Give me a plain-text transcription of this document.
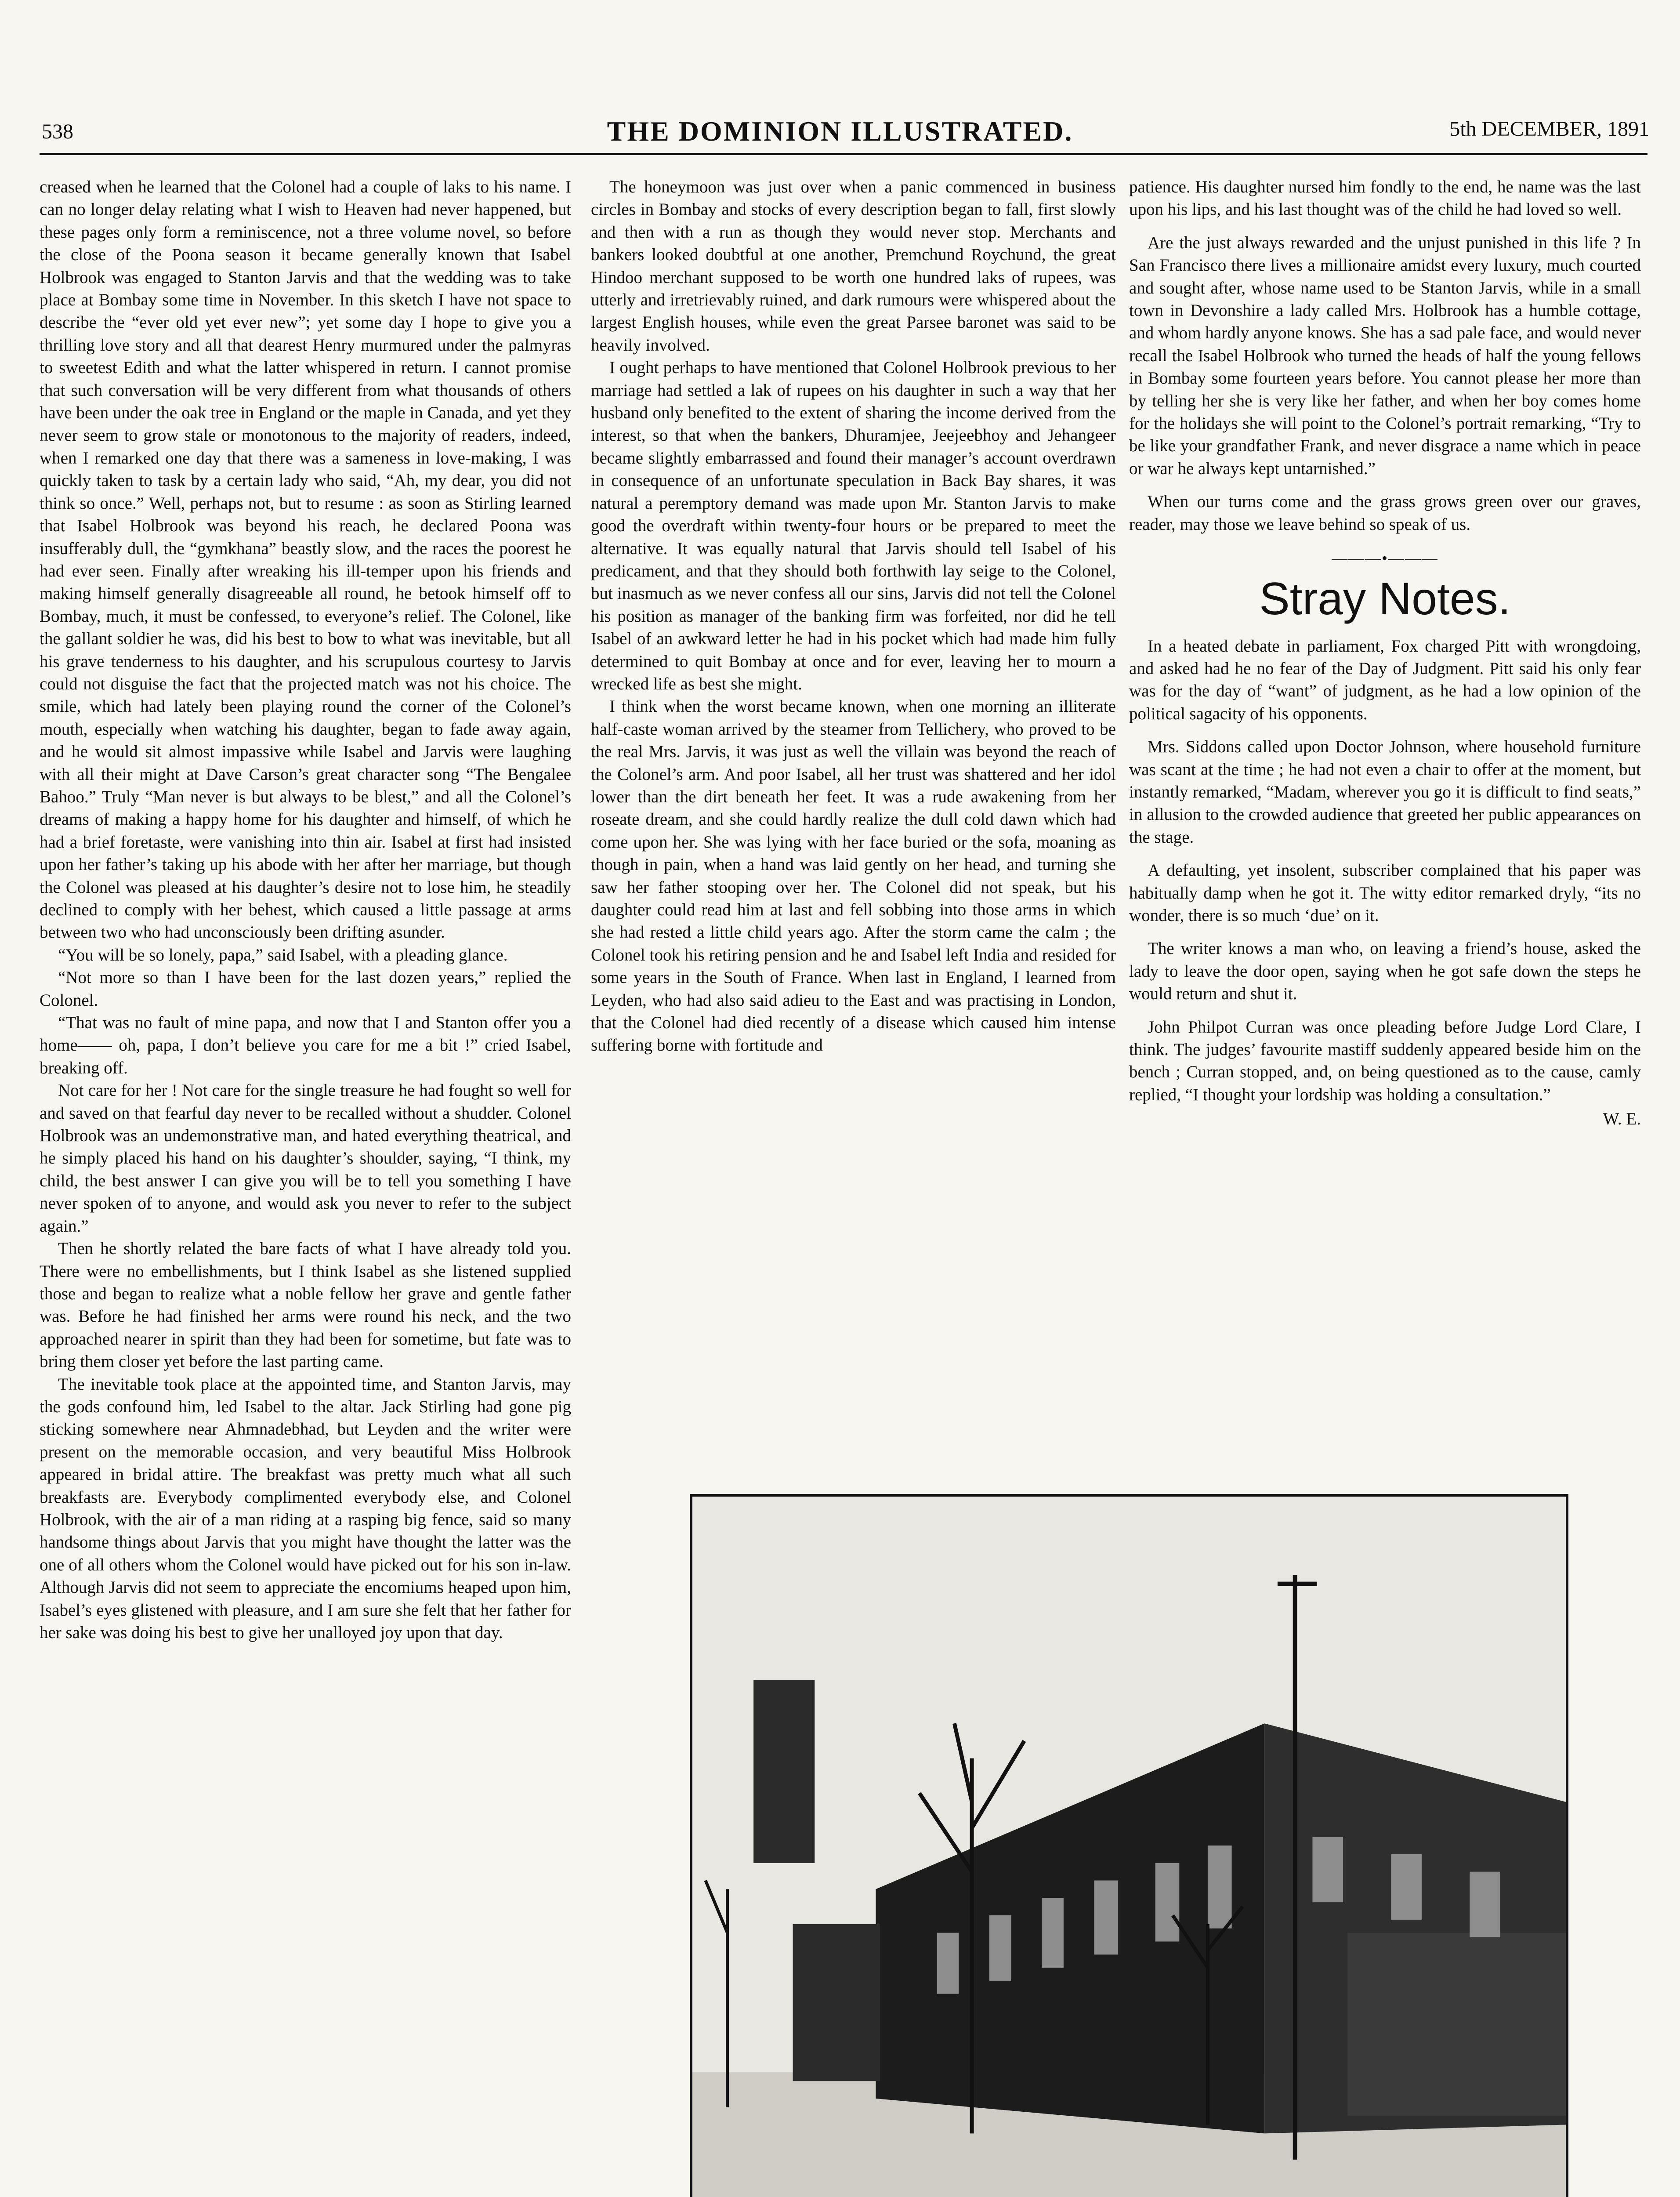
THE DOMINION ILLUSTRATED.
538	5th DECEMBER, 1891

creased when he learned that the Colonel had a couple of laks to his name. I can no longer delay relating what I wish to Heaven had never happened, but these pages only form a reminiscence, not a three volume novel, so before the close of the Poona season it became generally known that Isabel Holbrook was engaged to Stanton Jarvis and that the wedding was to take place at Bombay some time in November. In this sketch I have not space to describe the “ever old yet ever new”; yet some day I hope to give you a thrilling love story and all that dearest Henry murmured under the palmyras to sweetest Edith and what the latter whispered in return. I cannot promise that such conversation will be very different from what thousands of others have been under the oak tree in England or the maple in Canada, and yet they never seem to grow stale or monotonous to the majority of readers, indeed, when I remarked one day that there was a sameness in love-making, I was quickly taken to task by a certain lady who said, “Ah, my dear, you did not think so once.” Well, perhaps not, but to resume : as soon as Stirling learned that Isabel Holbrook was beyond his reach, he declared Poona was insufferably dull, the “gymkhana” beastly slow, and the races the poorest he had ever seen. Finally after wreaking his ill-temper upon his friends and making himself generally disagreeable all round, he betook himself off to Bombay, much, it must be confessed, to everyone’s relief. The Colonel, like the gallant soldier he was, did his best to bow to what was inevitable, but all his grave tenderness to his daughter, and his scrupulous courtesy to Jarvis could not disguise the fact that the projected match was not his choice. The smile, which had lately been playing round the corner of the Colonel’s mouth, especially when watching his daughter, began to fade away again, and he would sit almost impassive while Isabel and Jarvis were laughing with all their might at Dave Carson’s great character song “The Bengalee Bahoo.” Truly “Man never is but always to be blest,” and all the Colonel’s dreams of making a happy home for his daughter and himself, of which he had a brief foretaste, were vanishing into thin air. Isabel at first had insisted upon her father’s taking up his abode with her after her marriage, but though the Colonel was pleased at his daughter’s desire not to lose him, he steadily declined to comply with her behest, which caused a little passage at arms between two who had unconsciously been drifting asunder.

“You will be so lonely, papa,” said Isabel, with a pleading glance.

“Not more so than I have been for the last dozen years,” replied the Colonel.

“That was no fault of mine papa, and now that I and Stanton offer you a home—— oh, papa, I don’t believe you care for me a bit !” cried Isabel, breaking off.

Not care for her ! Not care for the single treasure he had fought so well for and saved on that fearful day never to be recalled without a shudder. Colonel Holbrook was an undemonstrative man, and hated everything theatrical, and he simply placed his hand on his daughter’s shoulder, saying, “I think, my child, the best answer I can give you will be to tell you something I have never spoken of to anyone, and would ask you never to refer to the subject again.”

Then he shortly related the bare facts of what I have already told you. There were no embellishments, but I think Isabel as she listened supplied those and began to realize what a noble fellow her grave and gentle father was. Before he had finished her arms were round his neck, and the two approached nearer in spirit than they had been for sometime, but fate was to bring them closer yet before the last parting came.

The inevitable took place at the appointed time, and Stanton Jarvis, may the gods confound him, led Isabel to the altar. Jack Stirling had gone pig sticking somewhere near Ahmnadebhad, but Leyden and the writer were present on the memorable occasion, and very beautiful Miss Holbrook appeared in bridal attire. The breakfast was pretty much what all such breakfasts are. Everybody complimented everybody else, and Colonel Holbrook, with the air of a man riding at a rasping big fence, said so many handsome things about Jarvis that you might have thought the latter was the one of all others whom the Colonel would have picked out for his son in-law. Although Jarvis did not seem to appreciate the encomiums heaped upon him, Isabel’s eyes glistened with pleasure, and I am sure she felt that her father for her sake was doing his best to give her unalloyed joy upon that day.

The honeymoon was just over when a panic commenced in business circles in Bombay and stocks of every description began to fall, first slowly and then with a run as though they would never stop. Merchants and bankers looked doubtful at one another, Premchund Roychund, the great Hindoo merchant supposed to be worth one hundred laks of rupees, was utterly and irretrievably ruined, and dark rumours were whispered about the largest English houses, while even the great Parsee baronet was said to be heavily involved.

I ought perhaps to have mentioned that Colonel Holbrook previous to her marriage had settled a lak of rupees on his daughter in such a way that her husband only benefited to the extent of sharing the income derived from the interest, so that when the bankers, Dhuramjee, Jeejeebhoy and Jehangeer became slightly embarrassed and found their manager’s account overdrawn in consequence of an unfortunate speculation in Back Bay shares, it was natural a peremptory demand was made upon Mr. Stanton Jarvis to make good the overdraft within twenty-four hours or be prepared to meet the alternative. It was equally natural that Jarvis should tell Isabel of his predicament, and that they should both forthwith lay seige to the Colonel, but inasmuch as we never confess all our sins, Jarvis did not tell the Colonel his position as manager of the banking firm was forfeited, nor did he tell Isabel of an awkward letter he had in his pocket which had made him fully determined to quit Bombay at once and for ever, leaving her to mourn a wrecked life as best she might.

I think when the worst became known, when one morning an illiterate half-caste woman arrived by the steamer from Tellichery, who proved to be the real Mrs. Jarvis, it was just as well the villain was beyond the reach of the Colonel’s arm. And poor Isabel, all her trust was shattered and her idol lower than the dirt beneath her feet. It was a rude awakening from her roseate dream, and she could hardly realize the dull cold dawn which had come upon her. She was lying with her face buried or the sofa, moaning as though in pain, when a hand was laid gently on her head, and turning she saw her father stooping over her. The Colonel did not speak, but his daughter could read him at last and fell sobbing into those arms in which she had rested a little child years ago. After the storm came the calm ; the Colonel took his retiring pension and he and Isabel left India and resided for some years in the South of France. When last in England, I learned from Leyden, who had also said adieu to the East and was practising in London, that the Colonel had died recently of a disease which caused him intense suffering borne with fortitude and

patience. His daughter nursed him fondly to the end, he name was the last upon his lips, and his last thought was of the child he had loved so well.

Are the just always rewarded and the unjust punished in this life ? In San Francisco there lives a millionaire amidst every luxury, much courted and sought after, whose name used to be Stanton Jarvis, while in a small town in Devonshire a lady called Mrs. Holbrook has a humble cottage, and whom hardly anyone knows. She has a sad pale face, and would never recall the Isabel Holbrook who turned the heads of half the young fellows in Bombay some fourteen years before. You cannot please her more than by telling her she is very like her father, and when her boy comes home for the holidays she will point to the Colonel’s portrait remarking, “Try to be like your grandfather Frank, and never disgrace a name which in peace or war he always kept untarnished.”

When our turns come and the grass grows green over our graves, reader, may those we leave behind so speak of us.

———•———
Stray Notes.

In a heated debate in parliament, Fox charged Pitt with wrongdoing, and asked had he no fear of the Day of Judgment. Pitt said his only fear was for the day of “want” of judgment, as he had a low opinion of the political sagacity of his opponents.

Mrs. Siddons called upon Doctor Johnson, where household furniture was scant at the time ; he had not even a chair to offer at the moment, but instantly remarked, “Madam, wherever you go it is difficult to find seats,” in allusion to the crowded audience that greeted her public appearances on the stage.

A defaulting, yet insolent, subscriber complained that his paper was habitually damp when he got it. The witty editor remarked dryly, “its no wonder, there is so much ‘due’ on it.

The writer knows a man who, on leaving a friend’s house, asked the lady to leave the door open, saying when he got safe down the steps he would return and shut it.

John Philpot Curran was once pleading before Judge Lord Clare, I think. The judges’ favourite mastiff suddenly appeared beside him on the bench ; Curran stopped, and, on being questioned as to the cause, camly replied, “I thought your lordship was holding a consultation.”

W. E.
